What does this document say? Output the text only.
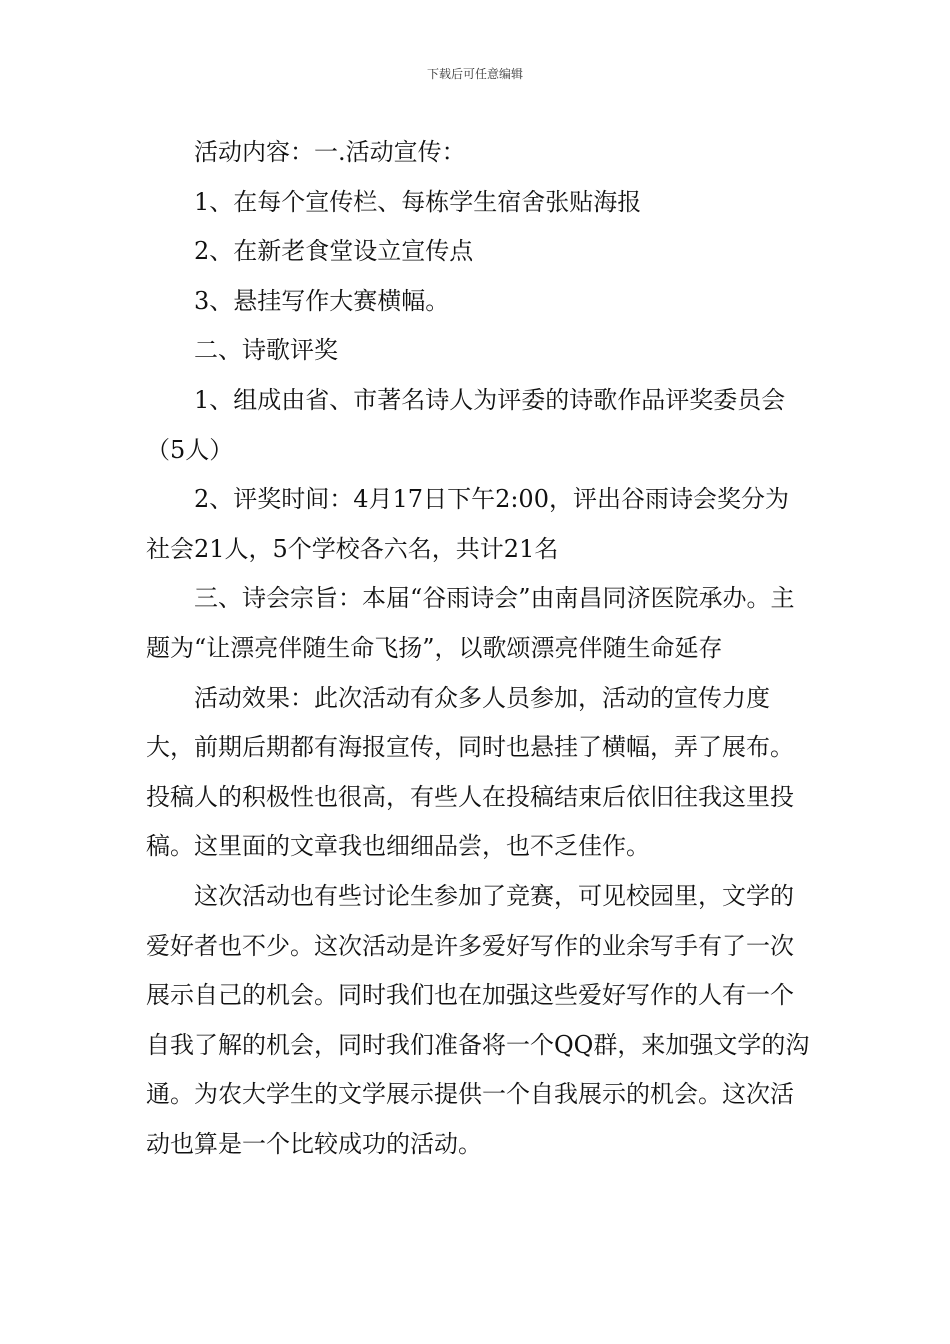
下载后可任意编辑

活动内容：一.活动宣传：

1、在每个宣传栏、每栋学生宿舍张贴海报

2、在新老食堂设立宣传点

3、悬挂写作大赛横幅。

二、诗歌评奖

1、组成由省、市著名诗人为评委的诗歌作品评奖委员会（5人）

2、评奖时间：4月17日下午2:00，评出谷雨诗会奖分为社会21人，5个学校各六名，共计21名

三、诗会宗旨：本届“谷雨诗会”由南昌同济医院承办。主题为“让漂亮伴随生命飞扬”，以歌颂漂亮伴随生命延存

活动效果：此次活动有众多人员参加，活动的宣传力度大，前期后期都有海报宣传，同时也悬挂了横幅，弄了展布。投稿人的积极性也很高，有些人在投稿结束后依旧往我这里投稿。这里面的文章我也细细品尝，也不乏佳作。

这次活动也有些讨论生参加了竞赛，可见校园里，文学的爱好者也不少。这次活动是许多爱好写作的业余写手有了一次展示自己的机会。同时我们也在加强这些爱好写作的人有一个自我了解的机会，同时我们准备将一个QQ群，来加强文学的沟通。为农大学生的文学展示提供一个自我展示的机会。这次活动也算是一个比较成功的活动。
